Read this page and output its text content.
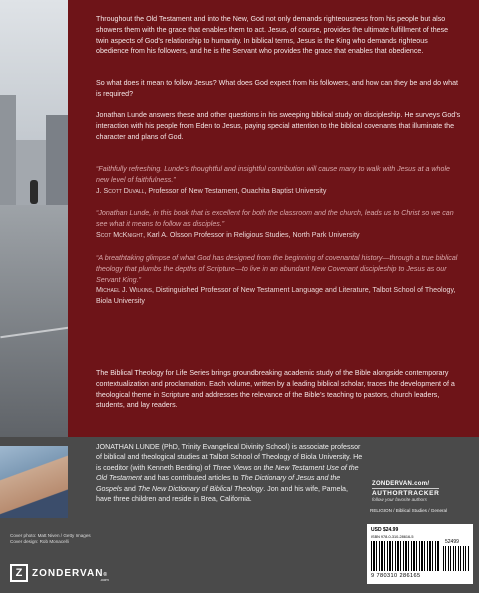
Throughout the Old Testament and into the New, God not only demands righteousness from his people but also showers them with the grace that enables them to act. Jesus, of course, provides the ultimate fulfillment of these twin aspects of God’s relationship to humanity. In biblical terms, Jesus is the King who demands righteous obedience from his followers, and he is the Servant who provides the grace that enables that obedience.

So what does it mean to follow Jesus? What does God expect from his followers, and how can they be and do what is required?

Jonathan Lunde answers these and other questions in his sweeping biblical study on discipleship. He surveys God’s interaction with his people from Eden to Jesus, paying special attention to the biblical covenants that illuminate the character and plans of God.

“Faithfully refreshing. Lunde’s thoughtful and insightful contribution will cause many to walk with Jesus at a whole new level of faithfulness.”
J. Scott Duvall, Professor of New Testament, Ouachita Baptist University
“Jonathan Lunde, in this book that is excellent for both the classroom and the church, leads us to Christ so we can see what it means to follow as disciples.”
Scot McKnight, Karl A. Olsson Professor in Religious Studies, North Park University
“A breathtaking glimpse of what God has designed from the beginning of covenantal history—through a true biblical theology that plumbs the depths of Scripture—to live in an abundant New Covenant discipleship to Jesus as our Servant King.”
Michael J. Wilkins, Distinguished Professor of New Testament Language and Literature, Talbot School of Theology, Biola University

The Biblical Theology for Life Series brings groundbreaking academic study of the Bible alongside contemporary contextualization and proclamation. Each volume, written by a leading biblical scholar, traces the development of a theological theme in Scripture and addresses the relevance of the Bible’s teaching to pastors, church leaders, students, and lay readers.

JONATHAN LUNDE (PhD, Trinity Evangelical Divinity School) is associate professor of biblical and theological studies at Talbot School of Theology of Biola University. He is coeditor (with Kenneth Berding) of Three Views on the New Testament Use of the Old Testament and has contributed articles to The Dictionary of Jesus and the Gospels and The New Dictionary of Biblical Theology. Jon and his wife, Pamela, have three children and reside in Brea, California.

Cover photo: Matt Niven / Getty Images
Cover design: Rob Monacelli
Z ZONDERVAN®
.com
ZONDERVAN.com/
AUTHORTRACKER
follow your favorite authors
RELIGION / Biblical Studies / General
USD $24.99
ISBN 978-0-310-28616-5
52499
9 780310 286165
